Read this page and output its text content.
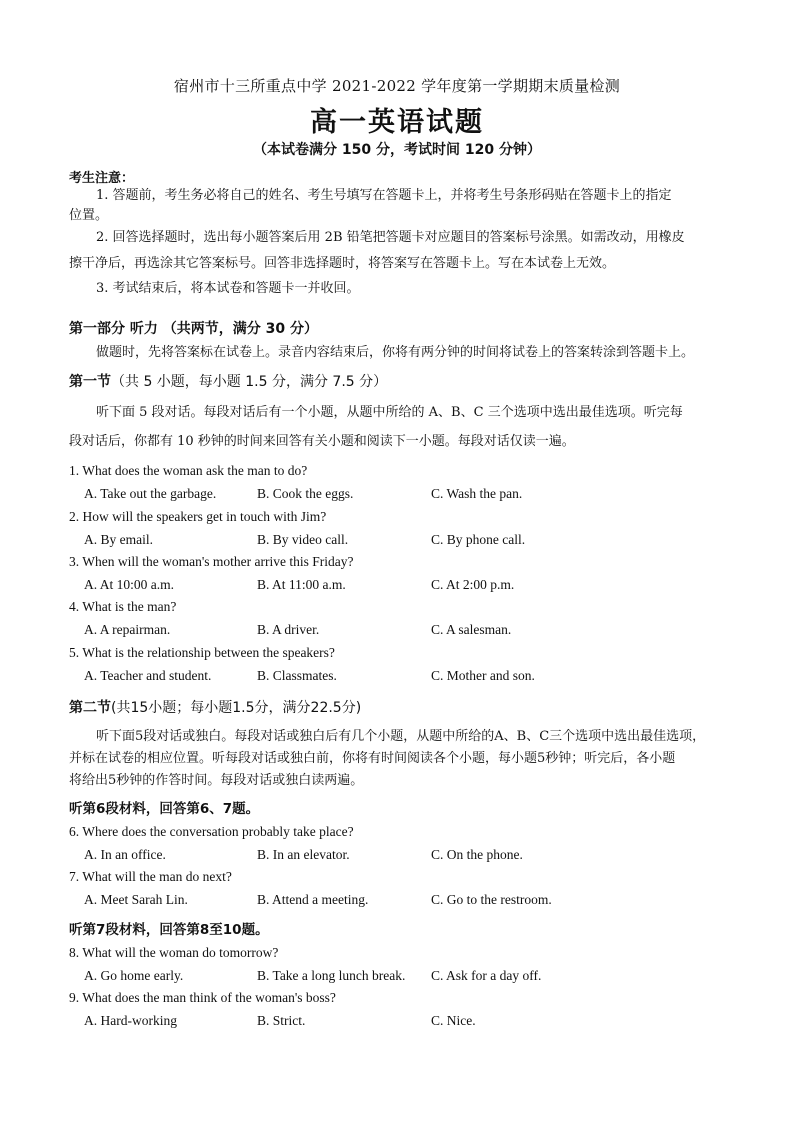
宿州市十三所重点中学 2021-2022 学年度第一学期期末质量检测
高一英语试题
（本试卷满分 150 分，考试时间 120 分钟）
考生注意：
1. 答题前，考生务必将自己的姓名、考生号填写在答题卡上，并将考生号条形码贴在答题卡上的指定
位置。
2. 回答选择题时，选出每小题答案后用 2B 铅笔把答题卡对应题目的答案标号涂黑。如需改动，用橡皮
擦干净后，再选涂其它答案标号。回答非选择题时，将答案写在答题卡上。写在本试卷上无效。
3. 考试结束后，将本试卷和答题卡一并收回。
第一部分 听力 （共两节，满分 30 分）
做题时，先将答案标在试卷上。录音内容结束后，你将有两分钟的时间将试卷上的答案转涂到答题卡上。
第一节（共 5 小题，每小题 1.5 分，满分 7.5 分）
听下面 5 段对话。每段对话后有一个小题，从题中所给的 A、B、C 三个选项中选出最佳选项。听完每
段对话后，你都有 10 秒钟的时间来回答有关小题和阅读下一小题。每段对话仅读一遍。
1. What does the woman ask the man to do?
A. Take out the garbage.	B. Cook the eggs.	C. Wash the pan.
2. How will the speakers get in touch with Jim?
A. By email.	B. By video call.	C. By phone call.
3. When will the woman's mother arrive this Friday?
A. At 10:00 a.m.	B. At 11:00 a.m.	C. At 2:00 p.m.
4. What is the man?
A. A repairman.	B. A driver.	C. A salesman.
5. What is the relationship between the speakers?
A. Teacher and student.	B. Classmates.	C. Mother and son.
第二节(共15小题；每小题1.5分，满分22.5分)
听下面5段对话或独白。每段对话或独白后有几个小题，从题中所给的A、B、C三个选项中选出最佳选项，
并标在试卷的相应位置。听每段对话或独白前，你将有时间阅读各个小题，每小题5秒钟；听完后，各小题
将给出5秒钟的作答时间。每段对话或独白读两遍。
听第6段材料，回答第6、7题。
6. Where does the conversation probably take place?
A. In an office.	B. In an elevator.	C. On the phone.
7. What will the man do next?
A. Meet Sarah Lin.	B. Attend a meeting.	C. Go to the restroom.
听第7段材料，回答第8至10题。
8. What will the woman do tomorrow?
A. Go home early.	B. Take a long lunch break. C. Ask for a day off.
9. What does the man think of the woman's boss?
A. Hard-working	B. Strict.	C. Nice.
